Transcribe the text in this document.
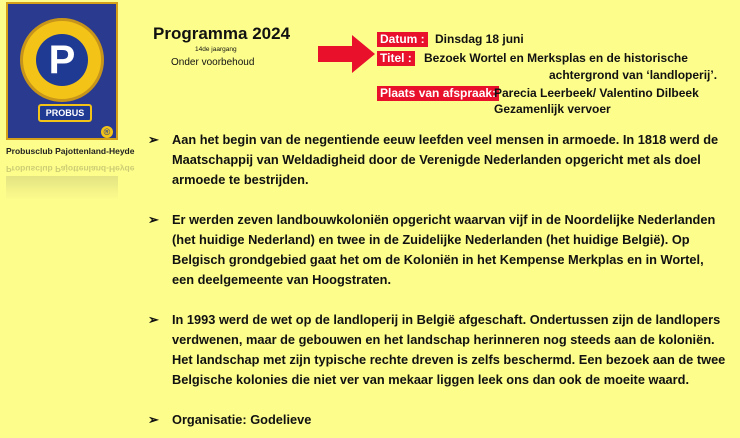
P
PROBUS
®
Probusclub Pajottenland-Heyde
Probusclub Pajottenland-Heyde
Programma 2024
14de jaargang
Onder voorbehoud
Datum : Dinsdag 18 juni
Titel : Bezoek Wortel en Merksplas en de historische
achtergrond van ‘landloperij’.
Plaats van afspraak:
Parecia Leerbeek/ Valentino Dilbeek
Gezamenlijk vervoer
➢ Aan het begin van de negentiende eeuw leefden veel mensen in armoede. In 1818 werd de
Maatschappij van Weldadigheid door de Verenigde Nederlanden opgericht met als doel
armoede te bestrijden.
➢ Er werden zeven landbouwkoloniën opgericht waarvan vijf in de Noordelijke Nederlanden
(het huidige Nederland) en twee in de Zuidelijke Nederlanden (het huidige België). Op
Belgisch grondgebied gaat het om de Koloniën in het Kempense Merkplas en in Wortel,
een deelgemeente van Hoogstraten.
➢ In 1993 werd de wet op de landloperij in België afgeschaft. Ondertussen zijn de landlopers
verdwenen, maar de gebouwen en het landschap herinneren nog steeds aan de koloniën.
Het landschap met zijn typische rechte dreven is zelfs beschermd. Een bezoek aan de twee
Belgische kolonies die niet ver van mekaar liggen leek ons dan ook de moeite waard.
➢ Organisatie: Godelieve
